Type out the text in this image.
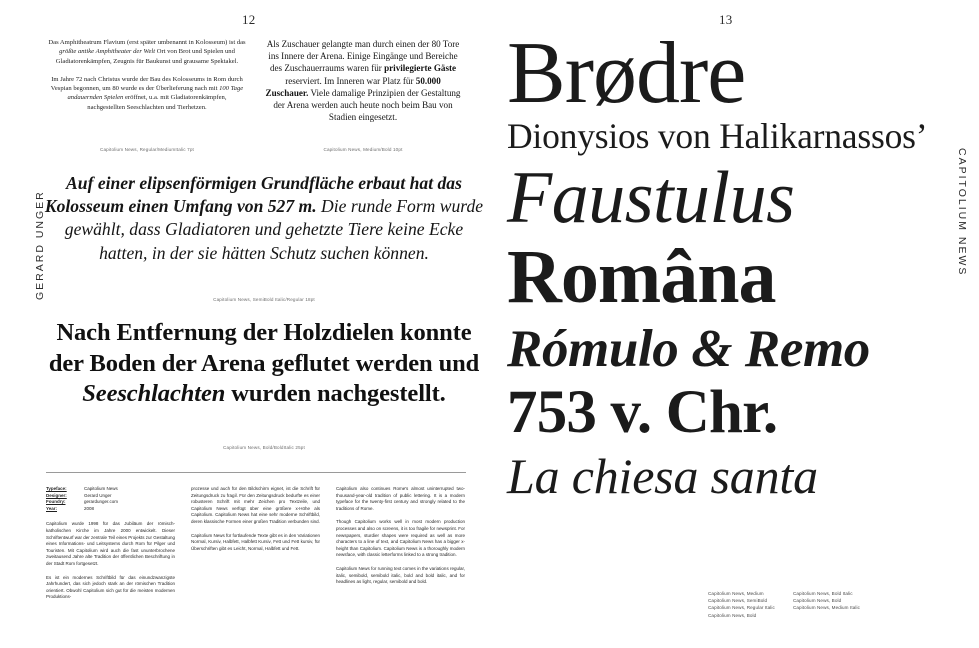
12	13
GERARD UNGER	CAPITOLIUM NEWS

Das Amphitheatrum Flavium (erst später umbenannt in Kolosseum) ist das größte antike Amphitheater der Welt Ort von Brot und Spielen und Gladiatorenkämpfen, Zeugnis für Baukunst und grausame Spektakel.

Im Jahre 72 nach Christus wurde der Bau des Kolosseums in Rom durch Vespian begonnen, um 80 wurde es der Überlieferung nach mit 100 Tage andauernden Spielen eröffnet, u.a. mit Gladiatorenkämpfen, nachgestellten Seeschlachten und Tierhetzen.

Als Zuschauer gelangte man durch einen der 80 Tore ins Innere der Arena. Einige Eingänge und Bereiche des Zuschauerraums waren für privilegierte Gäste reserviert. Im Inneren war Platz für 50.000 Zuschauer. Viele damalige Prinzipien der Gestaltung der Arena werden auch heute noch beim Bau von Stadien eingesetzt.

Capitolium News, Regular/MediumItalic 7pt	Capitolium News, Medium/Bold 10pt
Auf einer elipsenförmigen Grundfläche erbaut hat das Kolosseum einen Umfang von 527 m. Die runde Form wurde gewählt, dass Gladiatoren und gehetzte Tiere keine Ecke hatten, in der sie hätten Schutz suchen können.
Capitolium News, SemiBold Italic/Regular 18pt
Nach Entfernung der Holzdielen konnte der Boden der Arena geflutet werden und Seeschlachten wurden nachgestellt.
Capitolium News, Bold/BoldItalic 25pt
Typeface:	Capitolium News
Designer:	Gerard Unger
Foundry:	gerardunger.com
Year:	2008

Capitolium wurde 1998 für das Jubiläum der römisch-katholischen Kirche im Jahre 2000 entwickelt. Dieser Schriftentwurf war der zentrale Teil eines Projekts zur Gestaltung eines Informations- und Leitsystems durch Rom für Pilger und Touristen. Mit Capitolium wird auch die fast ununterbrochene zweitausend Jahre alte Tradition der öffentlichen Beschriftung in der Stadt Rom fortgesetzt.

Es ist ein modernes Schriftbild für das einundzwanzigste Jahrhundert, das sich jedoch stark an der römischen Tradition orientiert. Obwohl Capitolium sich gut für die meisten modernen Produktions-

prozesse und auch für den Bildschirm eignet, ist die Schrift für Zeitungsdruck zu fragil. Für den Zeitungsdruck bedurfte es einer robusteren Schrift mit mehr Zeichen pro Textzeile, und Capitolium News verfügt über eine größere x-Höhe als Capitolium. Capitolium News hat eine sehr moderne Schriftbild, deren klassische Formen einer großen Tradition verbunden sind.

Capitolium News für fortlaufende Texte gibt es in den Variationen Normal, Kursiv, Halbfett, Halbfett Kursiv, Fett und Fett kursiv, für Überschriften gibt es Leicht, Normal, Halbfett und Fett.

Capitolium also continues Rome's almost uninterrupted two-thousand-year-old tradition of public lettering. It is a modern typeface for the twenty-first century and strongly related to the traditions of Rome.

Though Capitolium works well in most modern production processes and also on screens, it is too fragile for newsprint. For newspapers, sturdier shapes were required as well as more characters to a line of text, and Capitolium News has a bigger x-height than Capitolium. Capitolium News is a thoroughly modern newsface, with classic letterforms linked to a strong tradition.

Capitolium News for running text comes in the variations regular, italic, semibold, semibold italic, bold and bold italic, and for headlines as light, regular, semibold and bold.

Brødre
Dionysios von Halikarnassos’
Faustulus
Româna
Rómulo & Remo
753 v. Chr.
La chiesa santa
Capitolium News, Medium
Capitolium News, SemiBold
Capitolium News, Regular Italic
Capitolium News, Bold
Capitolium News, Bold Italic
Capitolium News, Bold
Capitolium News, Medium Italic
